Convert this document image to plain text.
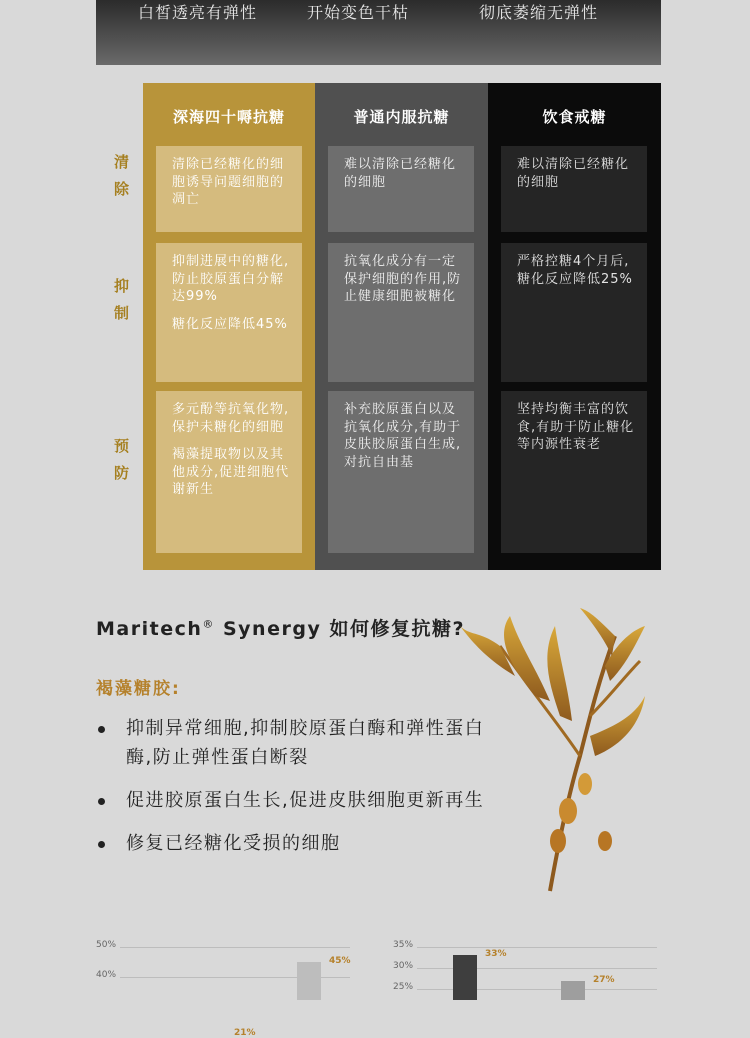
白皙透亮有弹性	开始变色干枯	彻底萎缩无弹性
清除
抑制
预防
深海四十嗕抗糖

清除已经糖化的细胞诱导问题细胞的凋亡

抑制进展中的糖化,防止胶原蛋白分解达99%

糖化反应降低45%

多元酚等抗氧化物,保护未糖化的细胞

褐藻提取物以及其他成分,促进细胞代谢新生

普通内服抗糖

难以清除已经糖化的细胞

抗氧化成分有一定保护细胞的作用,防止健康细胞被糖化

补充胶原蛋白以及抗氧化成分,有助于皮肤胶原蛋白生成,对抗自由基

饮食戒糖

难以清除已经糖化的细胞

严格控糖4个月后,糖化反应降低25%

坚持均衡丰富的饮食,有助于防止糖化等内源性衰老

Maritech® Synergy 如何修复抗糖?
褐藻糖胶:
抑制异常细胞,抑制胶原蛋白酶和弹性蛋白酶,防止弹性蛋白断裂
促进胶原蛋白生长,促进皮肤细胞更新再生
修复已经糖化受损的细胞
50%
40%
21%
45%
35%
30%
25%
33%
27%
